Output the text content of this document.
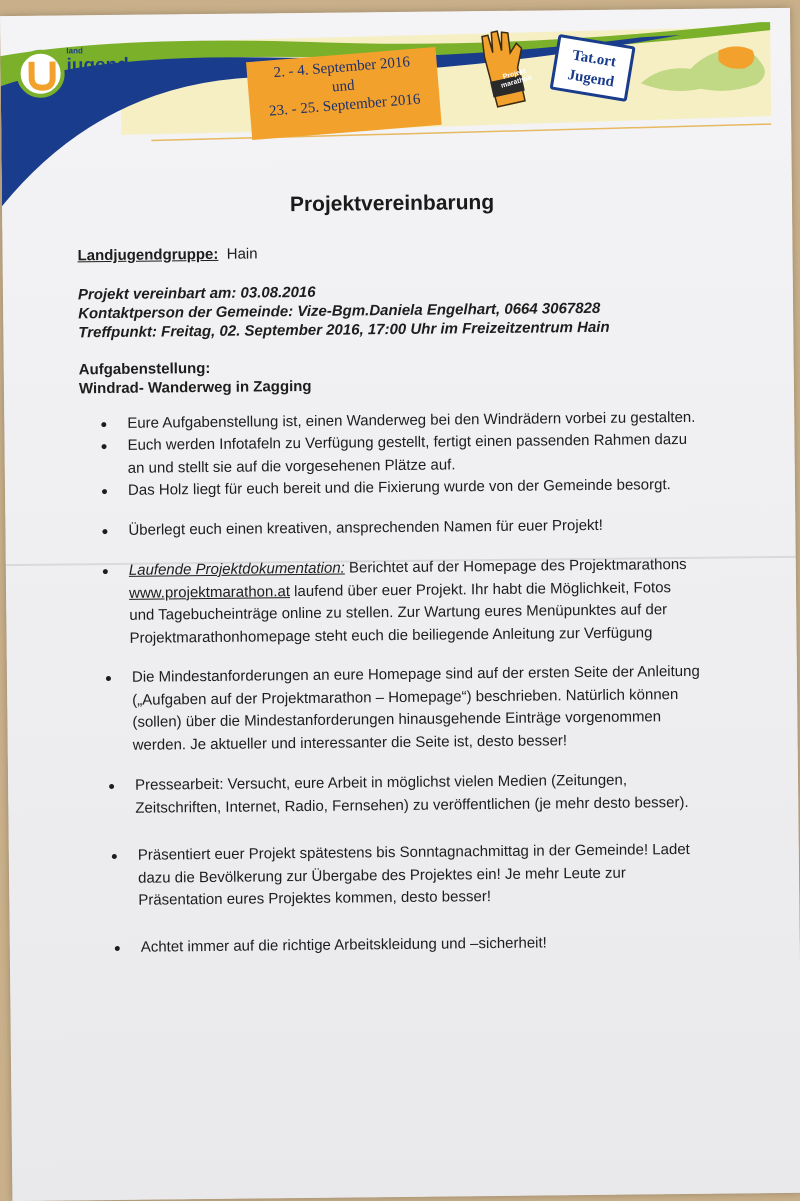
land
jugend
niederösterreich
2. - 4. September 2016
und
23. - 25. September 2016
Projekt marathon
Tat.ort
Jugend
Projektvereinbarung
Landjugendgruppe: Hain
Projekt vereinbart am: 03.08.2016
Kontaktperson der Gemeinde: Vize-Bgm.Daniela Engelhart, 0664 3067828
Treffpunkt: Freitag, 02. September 2016, 17:00 Uhr im Freizeitzentrum Hain
Aufgabenstellung:
Windrad- Wanderweg in Zagging

Eure Aufgabenstellung ist, einen Wanderweg bei den Windrädern vorbei zu gestalten.

Euch werden Infotafeln zu Verfügung gestellt, fertigt einen passenden Rahmen dazu

an und stellt sie auf die vorgesehenen Plätze auf.

Das Holz liegt für euch bereit und die Fixierung wurde von der Gemeinde besorgt.

Überlegt euch einen kreativen, ansprechenden Namen für euer Projekt!

Laufende Projektdokumentation: Berichtet auf der Homepage des Projektmarathons

www.projektmarathon.at laufend über euer Projekt. Ihr habt die Möglichkeit, Fotos

und Tagebucheinträge online zu stellen. Zur Wartung eures Menüpunktes auf der

Projektmarathonhomepage steht euch die beiliegende Anleitung zur Verfügung

Die Mindestanforderungen an eure Homepage sind auf der ersten Seite der Anleitung

(„Aufgaben auf der Projektmarathon – Homepage“) beschrieben. Natürlich können

(sollen) über die Mindestanforderungen hinausgehende Einträge vorgenommen

werden. Je aktueller und interessanter die Seite ist, desto besser!

Pressearbeit: Versucht, eure Arbeit in möglichst vielen Medien (Zeitungen,

Zeitschriften, Internet, Radio, Fernsehen) zu veröffentlichen (je mehr desto besser).

Präsentiert euer Projekt spätestens bis Sonntagnachmittag in der Gemeinde! Ladet

dazu die Bevölkerung zur Übergabe des Projektes ein! Je mehr Leute zur

Präsentation eures Projektes kommen, desto besser!

Achtet immer auf die richtige Arbeitskleidung und –sicherheit!
